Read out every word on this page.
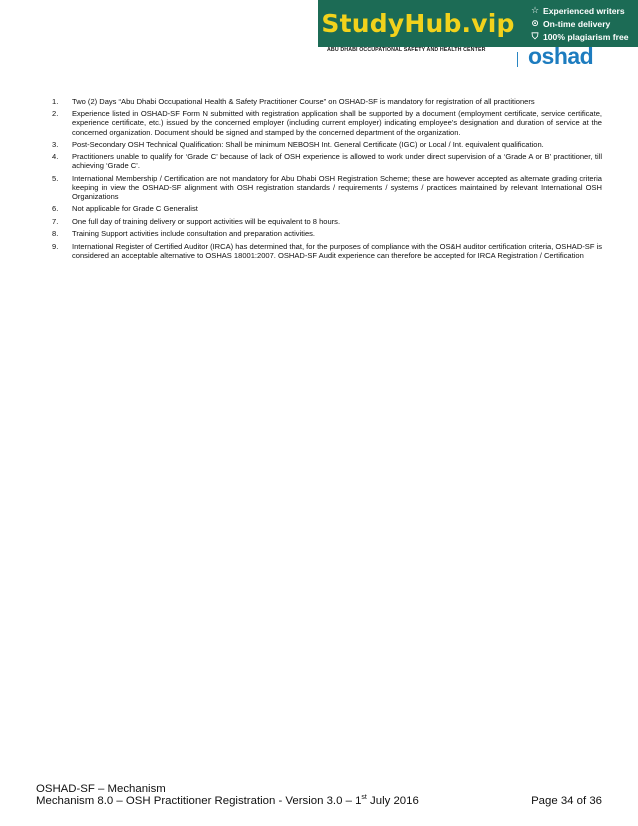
StudyHub.vip	☆ Experienced writers
⊙ On-time delivery
⛉ 100% plagiarism free
ABU DHABI OCCUPATIONAL SAFETY AND HEALTH CENTER	oshad
1.	Two (2) Days “Abu Dhabi Occupational Health & Safety Practitioner Course” on OSHAD-SF is mandatory for registration of all practitioners
2.	Experience listed in OSHAD-SF Form N submitted with registration application shall be supported by a document (employment certificate, service certificate, experience certificate, etc.) issued by the concerned employer (including current employer) indicating employee’s designation and duration of service at the concerned organization. Document should be signed and stamped by the concerned department of the organization.
3.	Post-Secondary OSH Technical Qualification: Shall be minimum NEBOSH Int. General Certificate (IGC) or Local / Int. equivalent qualification.
4.	Practitioners unable to qualify for ‘Grade C’ because of lack of OSH experience is allowed to work under direct supervision of a ‘Grade A or B’ practitioner, till achieving ‘Grade C’.
5.	International Membership / Certification are not mandatory for Abu Dhabi OSH Registration Scheme; these are however accepted as alternate grading criteria keeping in view the OSHAD-SF alignment with OSH registration standards / requirements / systems / practices maintained by relevant International OSH Organizations
6.	Not applicable for Grade C Generalist
7.	One full day of training delivery or support activities will be equivalent to 8 hours.
8.	Training Support activities include consultation and preparation activities.
9.	International Register of Certified Auditor (IRCA) has determined that, for the purposes of compliance with the OS&H auditor certification criteria, OSHAD-SF is considered an acceptable alternative to OSHAS 18001:2007. OSHAD-SF Audit experience can therefore be accepted for IRCA Registration / Certification
OSHAD-SF – Mechanism
Mechanism 8.0 – OSH Practitioner Registration - Version 3.0 – 1st July 2016	Page 34 of 36
